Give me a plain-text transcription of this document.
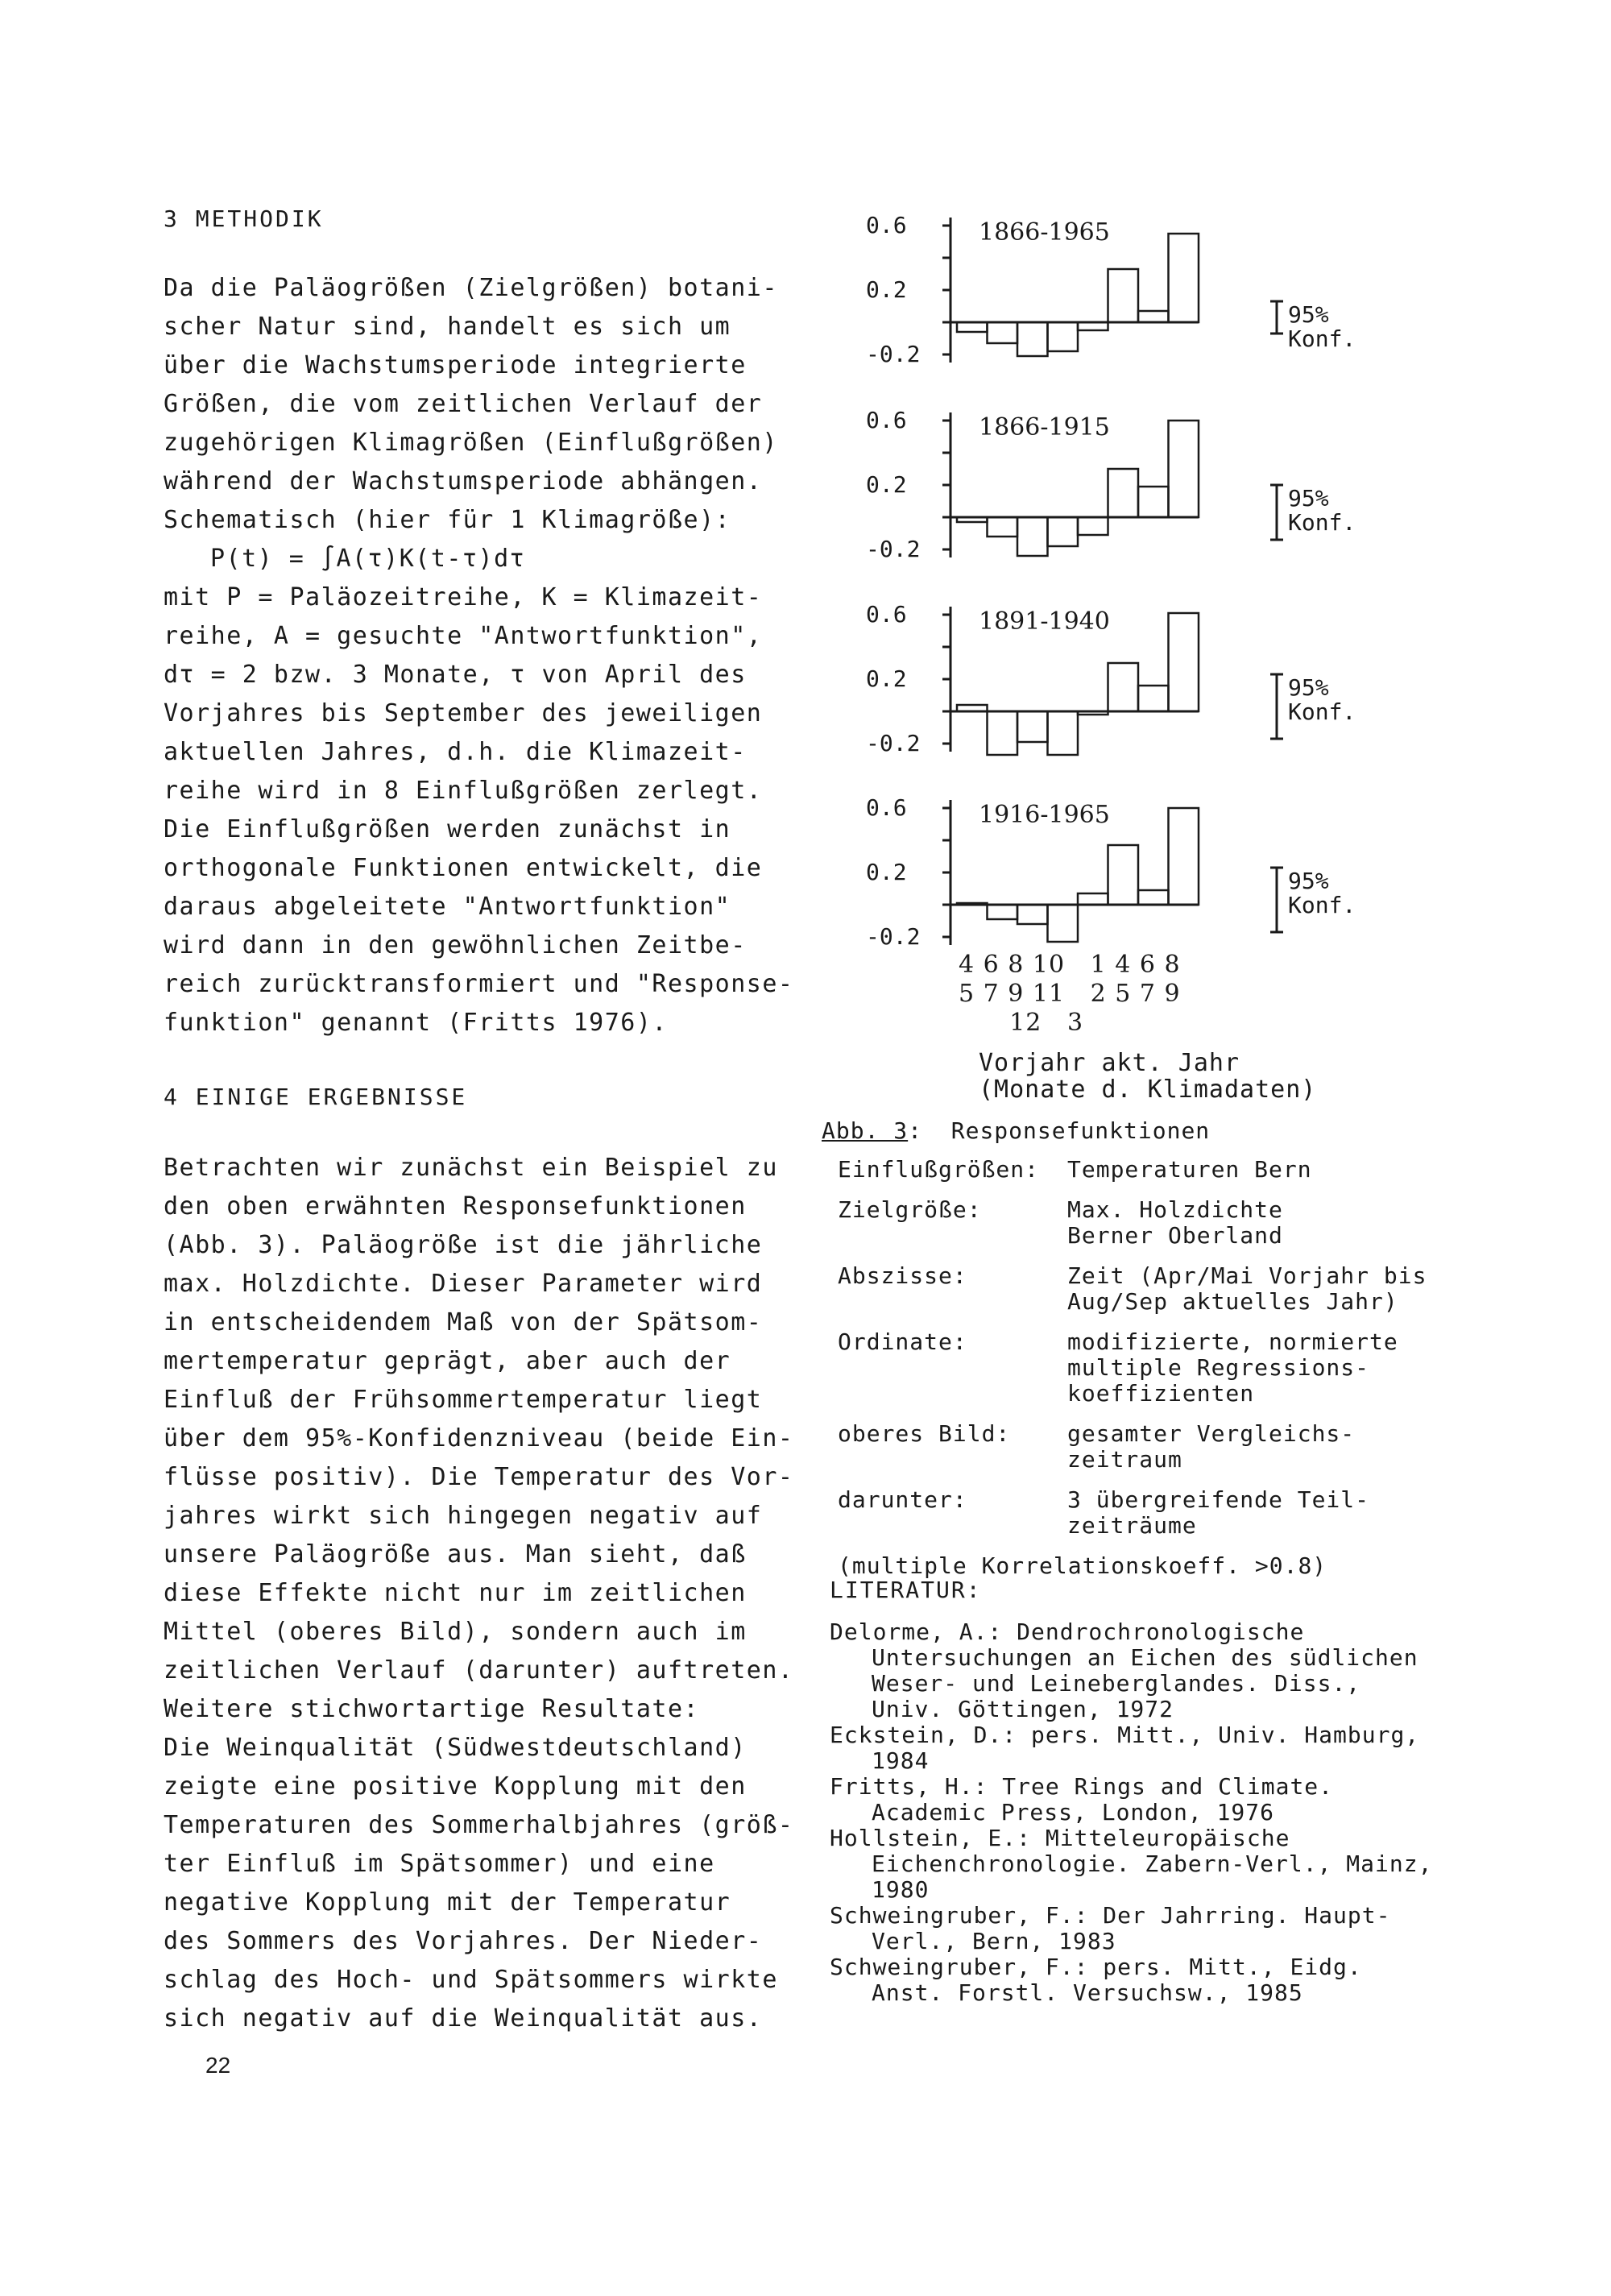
3 METHODIK

Da die Paläogrößen (Zielgrößen) botani-
scher Natur sind, handelt es sich um
über die Wachstumsperiode integrierte
Größen, die vom zeitlichen Verlauf der
zugehörigen Klimagrößen (Einflußgrößen)
während der Wachstumsperiode abhängen.
Schematisch (hier für 1 Klimagröße):

P(t) = ∫A(τ)K(t-τ)dτ

mit P = Paläozeitreihe, K = Klimazeit-
reihe, A = gesuchte "Antwortfunktion",
dτ = 2 bzw. 3 Monate, τ von April des
Vorjahres bis September des jeweiligen
aktuellen Jahres, d.h. die Klimazeit-
reihe wird in 8 Einflußgrößen zerlegt.
Die Einflußgrößen werden zunächst in
orthogonale Funktionen entwickelt, die
daraus abgeleitete "Antwortfunktion"
wird dann in den gewöhnlichen Zeitbe-
reich zurücktransformiert und "Response-
funktion" genannt (Fritts 1976).

4 EINIGE ERGEBNISSE

Betrachten wir zunächst ein Beispiel zu
den oben erwähnten Responsefunktionen
(Abb. 3). Paläogröße ist die jährliche
max. Holzdichte. Dieser Parameter wird
in entscheidendem Maß von der Spätsom-
mertemperatur geprägt, aber auch der
Einfluß der Frühsommertemperatur liegt
über dem 95%-Konfidenzniveau (beide Ein-
flüsse positiv). Die Temperatur des Vor-
jahres wirkt sich hingegen negativ auf
unsere Paläogröße aus. Man sieht, daß
diese Effekte nicht nur im zeitlichen
Mittel (oberes Bild), sondern auch im
zeitlichen Verlauf (darunter) auftreten.
Weitere stichwortartige Resultate:
Die Weinqualität (Südwestdeutschland)
zeigte eine positive Kopplung mit den
Temperaturen des Sommerhalbjahres (größ-
ter Einfluß im Spätsommer) und eine
negative Kopplung mit der Temperatur
des Sommers des Vorjahres. Der Nieder-
schlag des Hoch- und Spätsommers wirkte
sich negativ auf die Weinqualität aus.

22
0.6
0.2
-0.2
1866-1965
95%
Konf.
0.6
0.2
-0.2
1866-1915
95%
Konf.
0.6
0.2
-0.2
1891-1940
95%
Konf.
0.6
0.2
-0.2
1916-1965
95%
Konf.
4 6 8 10   1 4 6 8
5 7 9 11   2 5 7 9
12   3
Vorjahr akt. Jahr
(Monate d. Klimadaten)
Abb. 3: Responsefunktionen
Einflußgrößen:	Temperaturen Bern
Zielgröße:	Max. Holzdichte
Berner Oberland
Abszisse:	Zeit (Apr/Mai Vorjahr bis
Aug/Sep aktuelles Jahr)
Ordinate:	modifizierte, normierte
multiple Regressions-
koeffizienten
oberes Bild:	gesamter Vergleichs-
zeitraum
darunter:	3 übergreifende Teil-
zeiträume
(multiple Korrelationskoeff. >0.8)
LITERATUR:
Delorme, A.: Dendrochronologische Untersuchungen an Eichen des südlichen Weser- und Leineberglandes. Diss., Univ. Göttingen, 1972
Eckstein, D.: pers. Mitt., Univ. Hamburg, 1984
Fritts, H.: Tree Rings and Climate. Academic Press, London, 1976
Hollstein, E.: Mitteleuropäische Eichenchronologie. Zabern-Verl., Mainz, 1980
Schweingruber, F.: Der Jahrring. Haupt-Verl., Bern, 1983
Schweingruber, F.: pers. Mitt., Eidg. Anst. Forstl. Versuchsw., 1985
